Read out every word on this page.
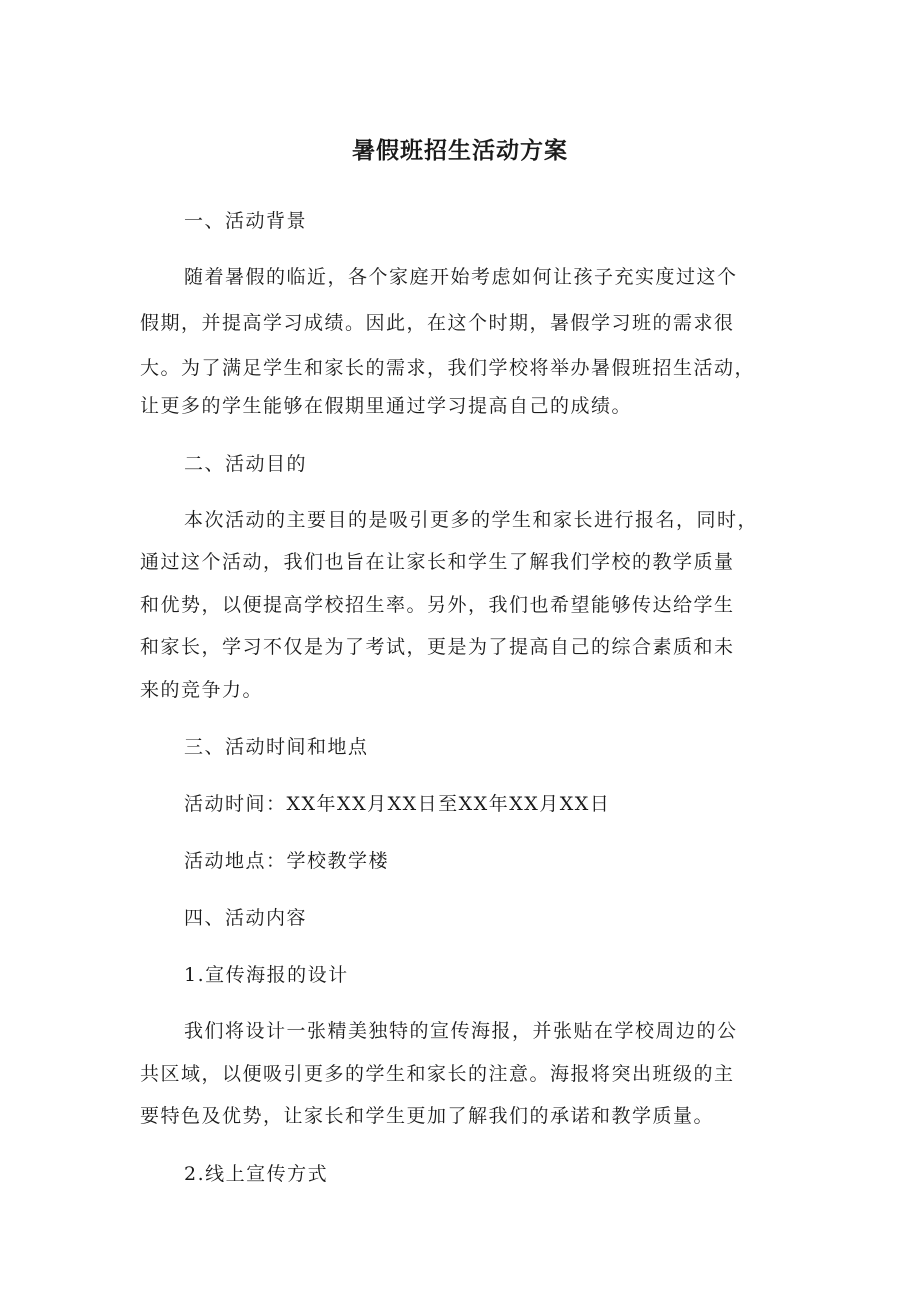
暑假班招生活动方案

一、活动背景

随着暑假的临近，各个家庭开始考虑如何让孩子充实度过这个

假期，并提高学习成绩。因此，在这个时期，暑假学习班的需求很

大。为了满足学生和家长的需求，我们学校将举办暑假班招生活动，

让更多的学生能够在假期里通过学习提高自己的成绩。

二、活动目的

本次活动的主要目的是吸引更多的学生和家长进行报名，同时，

通过这个活动，我们也旨在让家长和学生了解我们学校的教学质量

和优势，以便提高学校招生率。另外，我们也希望能够传达给学生

和家长，学习不仅是为了考试，更是为了提高自己的综合素质和未

来的竞争力。

三、活动时间和地点

活动时间：XX年XX月XX日至XX年XX月XX日

活动地点：学校教学楼

四、活动内容

1.宣传海报的设计

我们将设计一张精美独特的宣传海报，并张贴在学校周边的公

共区域，以便吸引更多的学生和家长的注意。海报将突出班级的主

要特色及优势，让家长和学生更加了解我们的承诺和教学质量。

2.线上宣传方式
